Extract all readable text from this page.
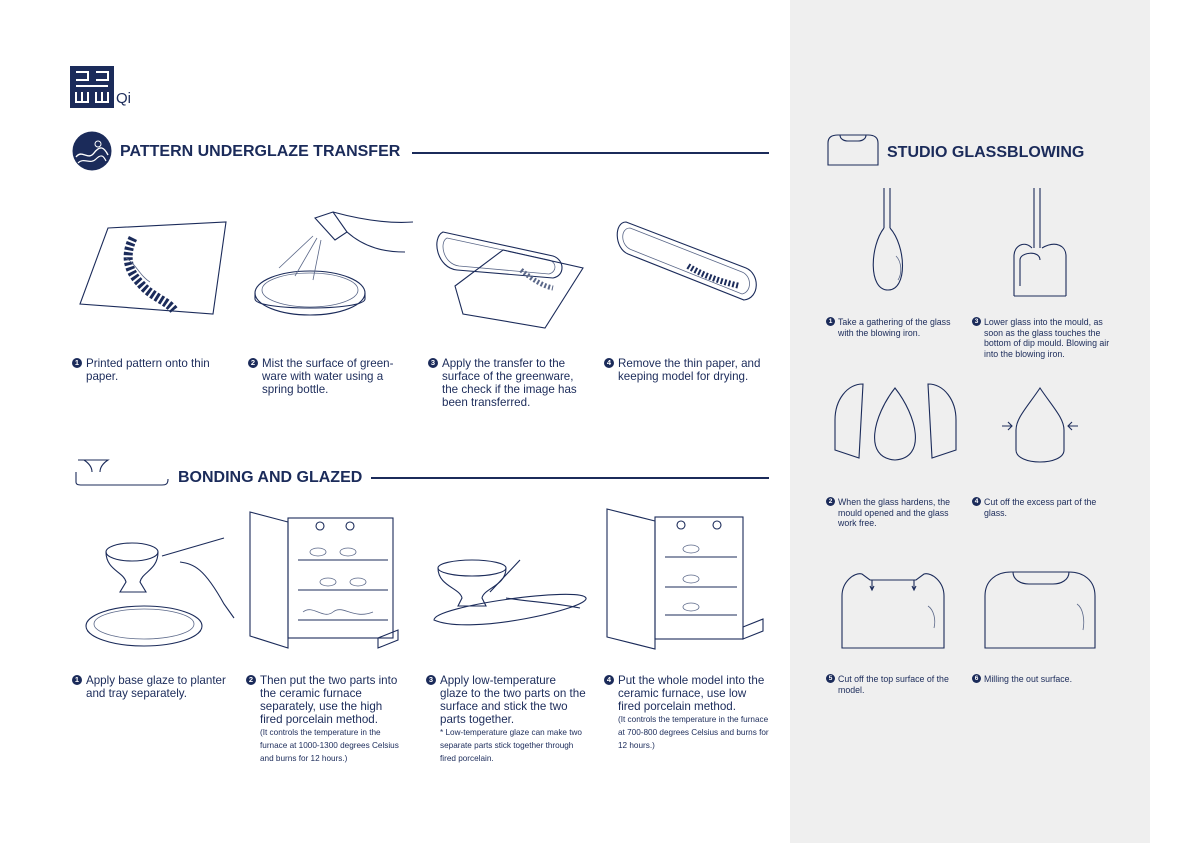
Qi
PATTERN UNDERGLAZE TRANSFER
1 Printed pattern onto thin paper.
2 Mist the surface of green-ware with water using a spring bottle.
3 Apply the transfer to the surface of the greenware, the check if the image has been transferred.
4 Remove the thin paper, and keeping model for drying.
BONDING AND GLAZED
1 Apply base glaze to planter and tray separately.
2 Then put the two parts into the ceramic furnace separately, use the high fired porcelain method.
(It controls the temperature in the furnace at 1000-1300 degrees Celsius and burns for 12 hours.)
3 Apply low-temperature glaze to the two parts on the surface and stick the two parts together.
* Low-temperature glaze can make two separate parts stick together through fired porcelain.
4 Put the whole model into the ceramic furnace, use low fired porcelain method.
(It controls the temperature in the furnace at 700-800 degrees Celsius and burns for 12 hours.)
STUDIO GLASSBLOWING
1 Take a gathering of the glass with the blowing iron.
3 Lower glass into the mould, as soon as the glass touches the bottom of dip mould. Blowing air into the blowing iron.
2 When the glass hardens, the mould opened and the glass work free.
4 Cut off the excess part of the glass.
5 Cut off the top surface of the model.
6 Milling the out surface.
